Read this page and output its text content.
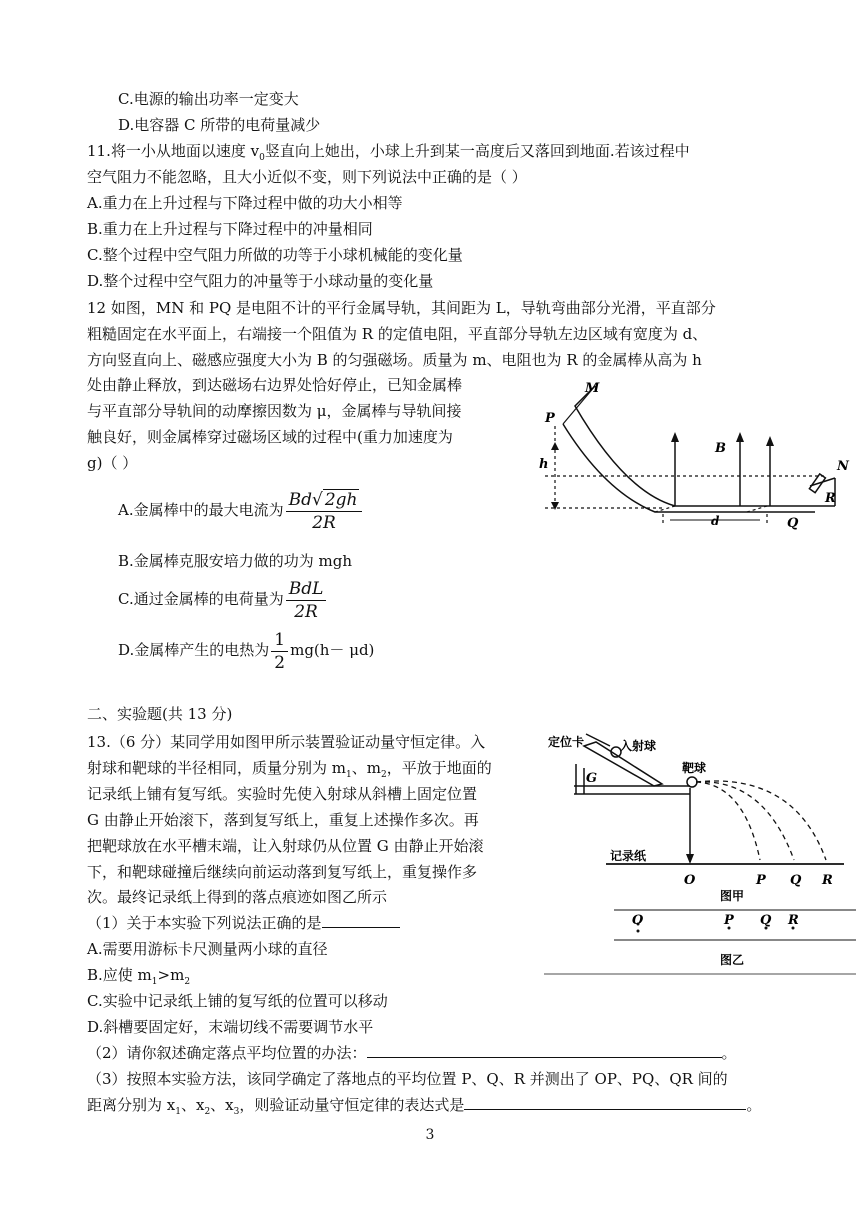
C.电源的输出功率一定变大
D.电容器 C 所带的电荷量减少
11.将一小从地面以速度 $v_0$竖直向上她出，小球上升到某一高度后又落回到地面.若该过程中
空气阻力不能忽略，且大小近似不变，则下列说法中正确的是（ ）
A.重力在上升过程与下降过程中做的功大小相等
B.重力在上升过程与下降过程中的冲量相同
C.整个过程中空气阻力所做的功等于小球机械能的变化量
D.整个过程中空气阻力的冲量等于小球动量的变化量
12 如图，MN 和 PQ 是电阻不计的平行金属导轨，其间距为 L，导轨弯曲部分光滑，平直部分
粗糙固定在水平面上，右端接一个阻值为 R 的定值电阻，平直部分导轨左边区域有宽度为 d、
方向竖直向上、磁感应强度大小为 B 的匀强磁场。质量为 m、电阻也为 R 的金属棒从高为 h
处由静止释放，到达磁场右边界处恰好停止，已知金属棒
与平直部分导轨间的动摩擦因数为 μ，金属棒与导轨间接
触良好，则金属棒穿过磁场区域的过程中(重力加速度为
g)（ ）
A.金属棒中的最大电流为 $\frac{Bd√ 2gh}{2R}$
B.金属棒克服安培力做的功为 mgh
C.通过金属棒的电荷量为 $\frac{\text{BdL}}{2R}$
D.金属棒产生的电热为 $\frac{1}{2} mg(h- \mu d)$
M
P
h
B
N
R
Q
d
二、实验题(共 13 分)
13.（6 分）某同学用如图甲所示装置验证动量守恒定律。入
射球和靶球的半径相同，质量分别为 $m_1$、$m_2$，平放于地面的
记录纸上铺有复写纸。实验时先使入射球从斜槽上固定位置
G 由静止开始滚下，落到复写纸上，重复上述操作多次。再
把靶球放在水平槽末端，让入射球仍从位置 G 由静止开始滚
下，和靶球碰撞后继续向前运动落到复写纸上，重复操作多
次。最终记录纸上得到的落点痕迹如图乙所示
（1）关于本实验下列说法正确的是
A.需要用游标卡尺测量两小球的直径
B.应使 $m_1>m_2$
C.实验中记录纸上铺的复写纸的位置可以移动
D.斜槽要固定好，末端切线不需要调节水平
（2）请你叙述确定落点平均位置的办法：	。
（3）按照本实验方法，该同学确定了落地点的平均位置 P、Q、R 并测出了 OP、PQ、QR 间的
距离分别为 $x_1$、$x_2$、$x_3$，则验证动量守恒定律的表达式是	。
定位卡	入射球
G
靶球
记录纸
O	P Q R
图甲
O	P Q R
图乙
3
